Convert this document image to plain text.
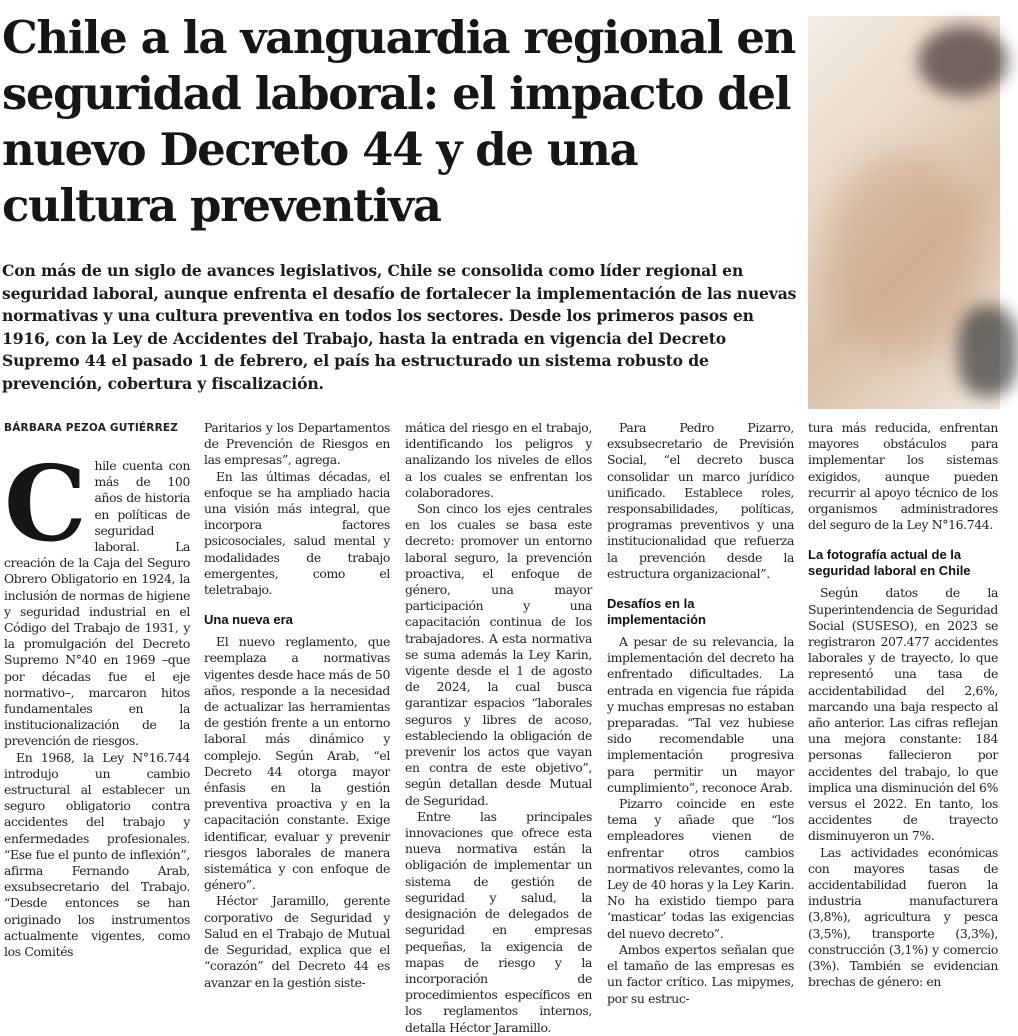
Chile a la vanguardia regional en seguridad laboral: el impacto del nuevo Decreto 44 y de una cultura preventiva

Con más de un siglo de avances legislativos, Chile se consolida como líder regional en seguridad laboral, aunque enfrenta el desafío de fortalecer la implementación de las nuevas normativas y una cultura preventiva en todos los sectores. Desde los primeros pasos en 1916, con la Ley de Accidentes del Trabajo, hasta la entrada en vigencia del Decreto Supremo 44 el pasado 1 de febrero, el país ha estructurado un sistema robusto de prevención, cobertura y fiscalización.

BÁRBARA PEZOA GUTIÉRREZ
C hile cuenta con más de 100 años de historia en políticas de seguridad laboral. La creación de la Caja del Seguro Obrero Obligatorio en 1924, la inclusión de normas de higiene y seguridad industrial en el Código del Trabajo de 1931, y la promulgación del Decreto Supremo N°40 en 1969 –que por décadas fue el eje normativo–, marcaron hitos fundamentales en la institucionalización de la prevención de riesgos.

En 1968, la Ley N°16.744 introdujo un cambio estructural al establecer un seguro obligatorio contra accidentes del trabajo y enfermedades profesionales. “Ese fue el punto de inflexión”, afirma Fernando Arab, exsubsecretario del Trabajo. “Desde entonces se han originado los instrumentos actualmente vigentes, como los Comités

Paritarios y los Departamentos de Prevención de Riesgos en las empresas”, agrega.

En las últimas décadas, el enfoque se ha ampliado hacia una visión más integral, que incorpora factores psicosociales, salud mental y modalidades de trabajo emergentes, como el teletrabajo.

Una nueva era

El nuevo reglamento, que reemplaza a normativas vigentes desde hace más de 50 años, responde a la necesidad de actualizar las herramientas de gestión frente a un entorno laboral más dinámico y complejo. Según Arab, “el Decreto 44 otorga mayor énfasis en la gestión preventiva proactiva y en la capacitación constante. Exige identificar, evaluar y prevenir riesgos laborales de manera sistemática y con enfoque de género”.

Héctor Jaramillo, gerente corporativo de Seguridad y Salud en el Trabajo de Mutual de Seguridad, explica que el “corazón” del Decreto 44 es avanzar en la gestión siste-

mática del riesgo en el trabajo, identificando los peligros y analizando los niveles de ellos a los cuales se enfrentan los colaboradores.

Son cinco los ejes centrales en los cuales se basa este decreto: promover un entorno laboral seguro, la prevención proactiva, el enfoque de género, una mayor participación y una capacitación continua de los trabajadores. A esta normativa se suma además la Ley Karin, vigente desde el 1 de agosto de 2024, la cual busca garantizar espacios “laborales seguros y libres de acoso, estableciendo la obligación de prevenir los actos que vayan en contra de este objetivo”, según detallan desde Mutual de Seguridad.

Entre las principales innovaciones que ofrece esta nueva normativa están la obligación de implementar un sistema de gestión de seguridad y salud, la designación de delegados de seguridad en empresas pequeñas, la exigencia de mapas de riesgo y la incorporación de procedimientos específicos en los reglamentos internos, detalla Héctor Jaramillo.

Para Pedro Pizarro, exsubsecretario de Previsión Social, “el decreto busca consolidar un marco jurídico unificado. Establece roles, responsabilidades, políticas, programas preventivos y una institucionalidad que refuerza la prevención desde la estructura organizacional”.

Desafíos en la implementación

A pesar de su relevancia, la implementación del decreto ha enfrentado dificultades. La entrada en vigencia fue rápida y muchas empresas no estaban preparadas. “Tal vez hubiese sido recomendable una implementación progresiva para permitir un mayor cumplimiento”, reconoce Arab.

Pizarro coincide en este tema y añade que “los empleadores vienen de enfrentar otros cambios normativos relevantes, como la Ley de 40 horas y la Ley Karin. No ha existido tiempo para ‘masticar’ todas las exigencias del nuevo decreto”.

Ambos expertos señalan que el tamaño de las empresas es un factor crítico. Las mipymes, por su estruc-

tura más reducida, enfrentan mayores obstáculos para implementar los sistemas exigidos, aunque pueden recurrir al apoyo técnico de los organismos administradores del seguro de la Ley N°16.744.

La fotografía actual de la seguridad laboral en Chile

Según datos de la Superintendencia de Seguridad Social (SUSESO), en 2023 se registraron 207.477 accidentes laborales y de trayecto, lo que representó una tasa de accidentabilidad del 2,6%, marcando una baja respecto al año anterior. Las cifras reflejan una mejora constante: 184 personas fallecieron por accidentes del trabajo, lo que implica una disminución del 6% versus el 2022. En tanto, los accidentes de trayecto disminuyeron un 7%.

Las actividades económicas con mayores tasas de accidentabilidad fueron la industria manufacturera (3,8%), agricultura y pesca (3,5%), transporte (3,3%), construcción (3,1%) y comercio (3%). También se evidencian brechas de género: en
